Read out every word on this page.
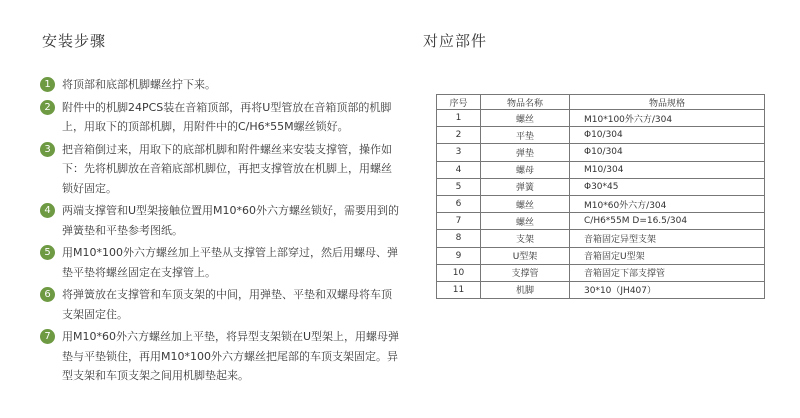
安装步骤	对应部件
1	将顶部和底部机脚螺丝拧下来。
2	附件中的机脚24PCS装在音箱顶部，再将U型管放在音箱顶部的机脚上，用取下的顶部机脚，用附件中的C/H6*55M螺丝锁好。
3	把音箱倒过来，用取下的底部机脚和附件螺丝来安装支撑管，操作如下：先将机脚放在音箱底部机脚位，再把支撑管放在机脚上，用螺丝锁好固定。
4	两端支撑管和U型架接触位置用M10*60外六方螺丝锁好，需要用到的弹簧垫和平垫参考图纸。
5	用M10*100外六方螺丝加上平垫从支撑管上部穿过，然后用螺母、弹垫平垫将螺丝固定在支撑管上。
6	将弹簧放在支撑管和车顶支架的中间，用弹垫、平垫和双螺母将车顶支架固定住。
7	用M10*60外六方螺丝加上平垫，将异型支架锁在U型架上，用螺母弹垫与平垫锁住，再用M10*100外六方螺丝把尾部的车顶支架固定。异型支架和车顶支架之间用机脚垫起来。
序号	物品名称	物品规格
1	螺丝	M10*100外六方/304
2	平垫	Φ10/304
3	弹垫	Φ10/304
4	螺母	M10/304
5	弹簧	Φ30*45
6	螺丝	M10*60外六方/304
7	螺丝	C/H6*55M D=16.5/304
8	支架	音箱固定异型支架
9	U型架	音箱固定U型架
10	支撑管	音箱固定下部支撑管
11	机脚	30*10（JH407）
